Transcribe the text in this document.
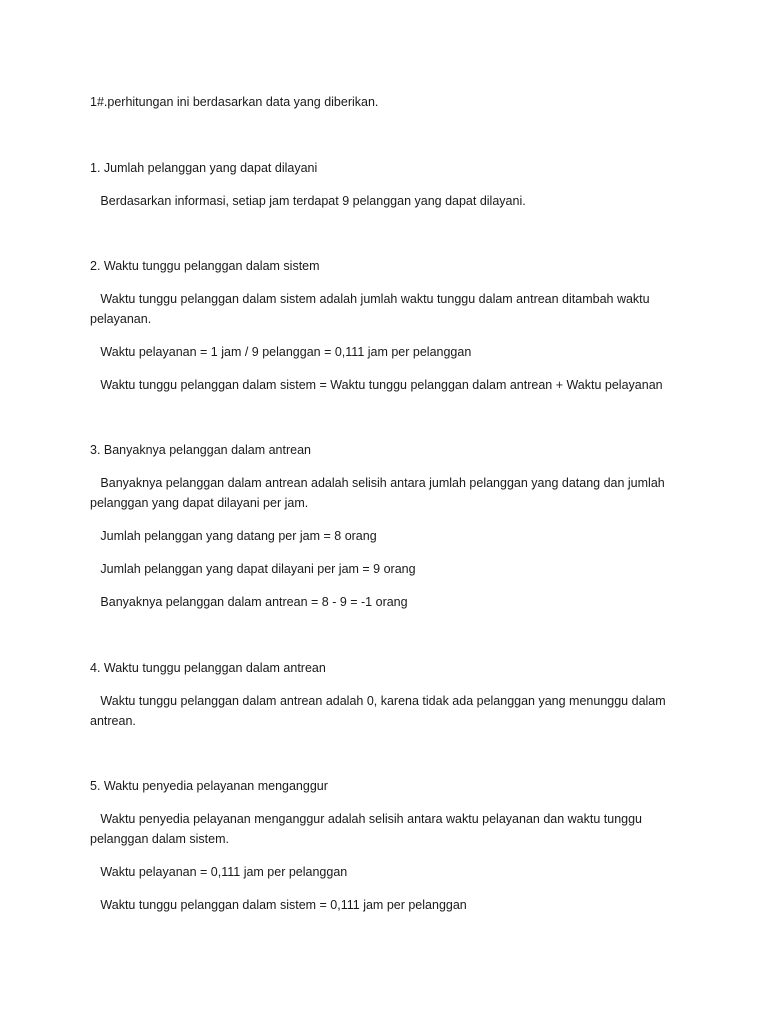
1#.perhitungan ini berdasarkan data yang diberikan.

1. Jumlah pelanggan yang dapat dilayani

Berdasarkan informasi, setiap jam terdapat 9 pelanggan yang dapat dilayani.

2. Waktu tunggu pelanggan dalam sistem

Waktu tunggu pelanggan dalam sistem adalah jumlah waktu tunggu dalam antrean ditambah waktu pelayanan.

Waktu pelayanan = 1 jam / 9 pelanggan = 0,111 jam per pelanggan

Waktu tunggu pelanggan dalam sistem = Waktu tunggu pelanggan dalam antrean + Waktu pelayanan

3. Banyaknya pelanggan dalam antrean

Banyaknya pelanggan dalam antrean adalah selisih antara jumlah pelanggan yang datang dan jumlah pelanggan yang dapat dilayani per jam.

Jumlah pelanggan yang datang per jam = 8 orang

Jumlah pelanggan yang dapat dilayani per jam = 9 orang

Banyaknya pelanggan dalam antrean = 8 - 9 = -1 orang

4. Waktu tunggu pelanggan dalam antrean

Waktu tunggu pelanggan dalam antrean adalah 0, karena tidak ada pelanggan yang menunggu dalam antrean.

5. Waktu penyedia pelayanan menganggur

Waktu penyedia pelayanan menganggur adalah selisih antara waktu pelayanan dan waktu tunggu pelanggan dalam sistem.

Waktu pelayanan = 0,111 jam per pelanggan

Waktu tunggu pelanggan dalam sistem = 0,111 jam per pelanggan
